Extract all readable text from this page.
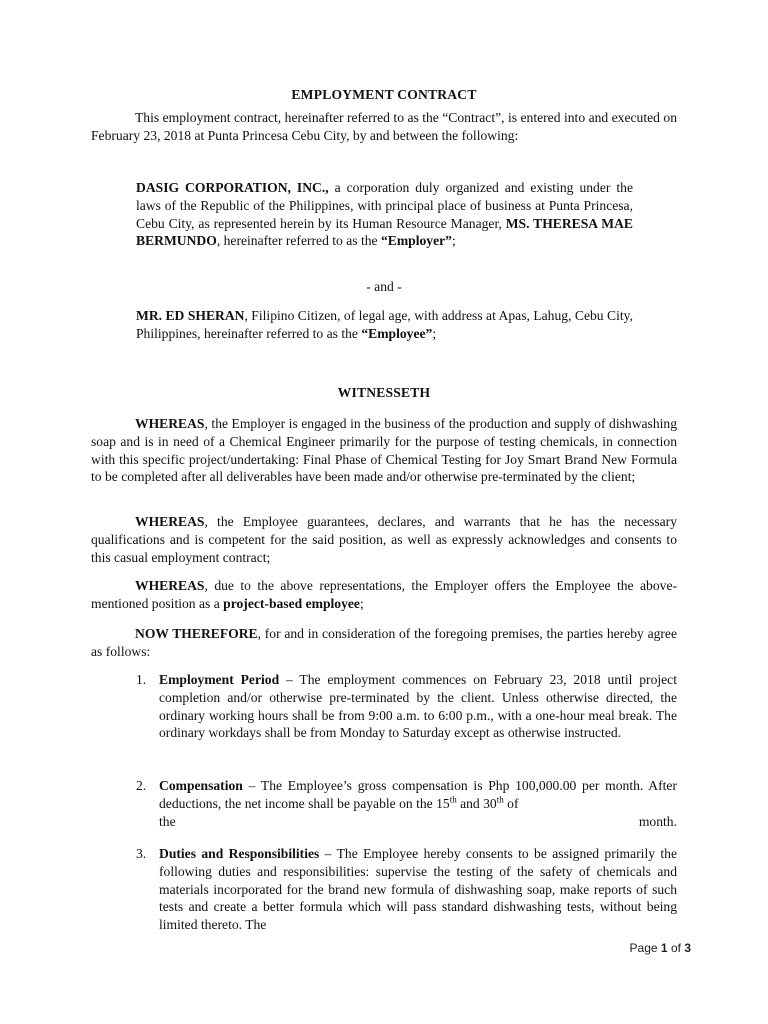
EMPLOYMENT CONTRACT
This employment contract, hereinafter referred to as the “Contract”, is entered into and executed on February 23, 2018 at Punta Princesa Cebu City, by and between the following:
DASIG CORPORATION, INC., a corporation duly organized and existing under the laws of the Republic of the Philippines, with principal place of business at Punta Princesa, Cebu City, as represented herein by its Human Resource Manager, MS. THERESA MAE BERMUNDO, hereinafter referred to as the “Employer”;
- and -
MR. ED SHERAN, Filipino Citizen, of legal age, with address at Apas, Lahug, Cebu City, Philippines, hereinafter referred to as the “Employee”;
WITNESSETH
WHEREAS, the Employer is engaged in the business of the production and supply of dishwashing soap and is in need of a Chemical Engineer primarily for the purpose of testing chemicals, in connection with this specific project/undertaking: Final Phase of Chemical Testing for Joy Smart Brand New Formula to be completed after all deliverables have been made and/or otherwise pre-terminated by the client;
WHEREAS, the Employee guarantees, declares, and warrants that he has the necessary qualifications and is competent for the said position, as well as expressly acknowledges and consents to this casual employment contract;
WHEREAS, due to the above representations, the Employer offers the Employee the above-mentioned position as a project-based employee;
NOW THEREFORE, for and in consideration of the foregoing premises, the parties hereby agree as follows:
1. Employment Period – The employment commences on February 23, 2018 until project completion and/or otherwise pre-terminated by the client. Unless otherwise directed, the ordinary working hours shall be from 9:00 a.m. to 6:00 p.m., with a one-hour meal break. The ordinary workdays shall be from Monday to Saturday except as otherwise instructed.
2. Compensation – The Employee’s gross compensation is Php 100,000.00 per month. After deductions, the net income shall be payable on the 15th and 30th of
the	month.
3. Duties and Responsibilities – The Employee hereby consents to be assigned primarily the following duties and responsibilities: supervise the testing of the safety of chemicals and materials incorporated for the brand new formula of dishwashing soap, make reports of such tests and create a better formula which will pass standard dishwashing tests, without being limited thereto. The
Page 1 of 3
